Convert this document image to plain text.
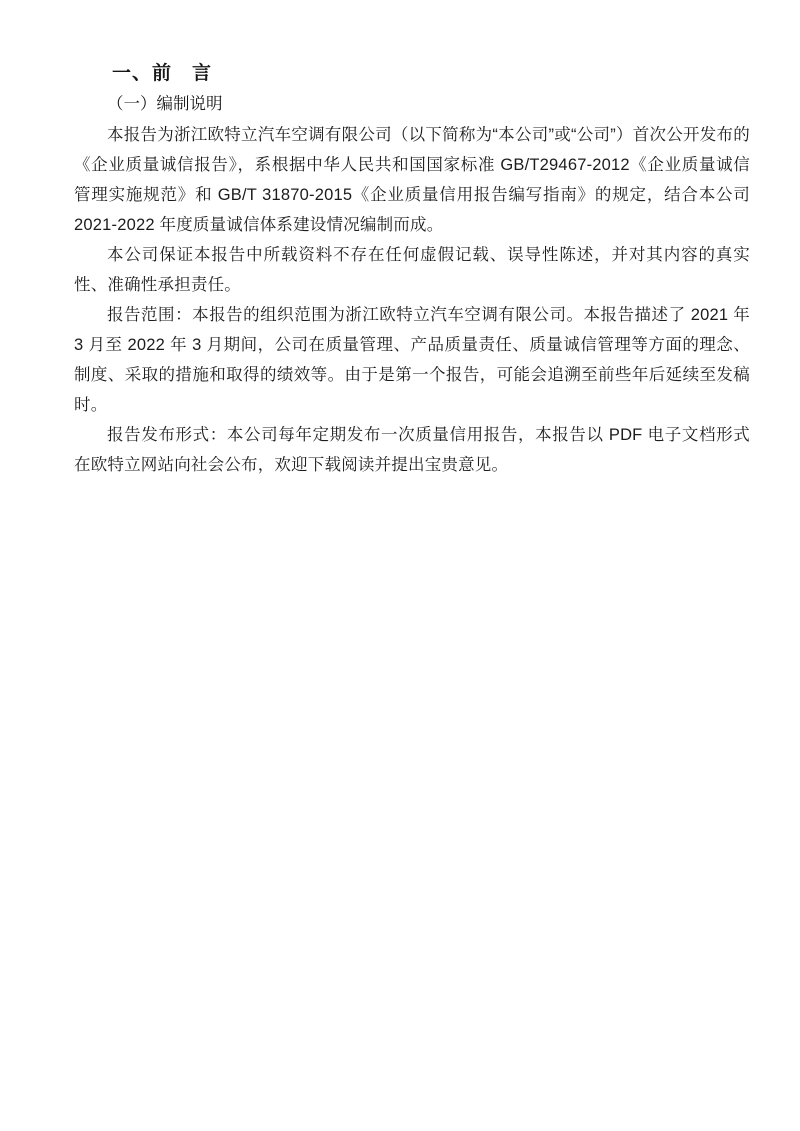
一、前　言
（一）编制说明

本报告为浙江欧特立汽车空调有限公司（以下简称为“本公司”或“公司”）首次公开发布的《企业质量诚信报告》，系根据中华人民共和国国家标准 GB/T29467-2012《企业质量诚信管理实施规范》和 GB/T 31870-2015《企业质量信用报告编写指南》的规定，结合本公司 2021-2022 年度质量诚信体系建设情况编制而成。

本公司保证本报告中所载资料不存在任何虚假记载、误导性陈述，并对其内容的真实性、准确性承担责任。

报告范围：本报告的组织范围为浙江欧特立汽车空调有限公司。本报告描述了 2021 年 3 月至 2022 年 3 月期间，公司在质量管理、产品质量责任、质量诚信管理等方面的理念、制度、采取的措施和取得的绩效等。由于是第一个报告，可能会追溯至前些年后延续至发稿时。

报告发布形式：本公司每年定期发布一次质量信用报告，本报告以 PDF 电子文档形式在欧特立网站向社会公布，欢迎下载阅读并提出宝贵意见。
